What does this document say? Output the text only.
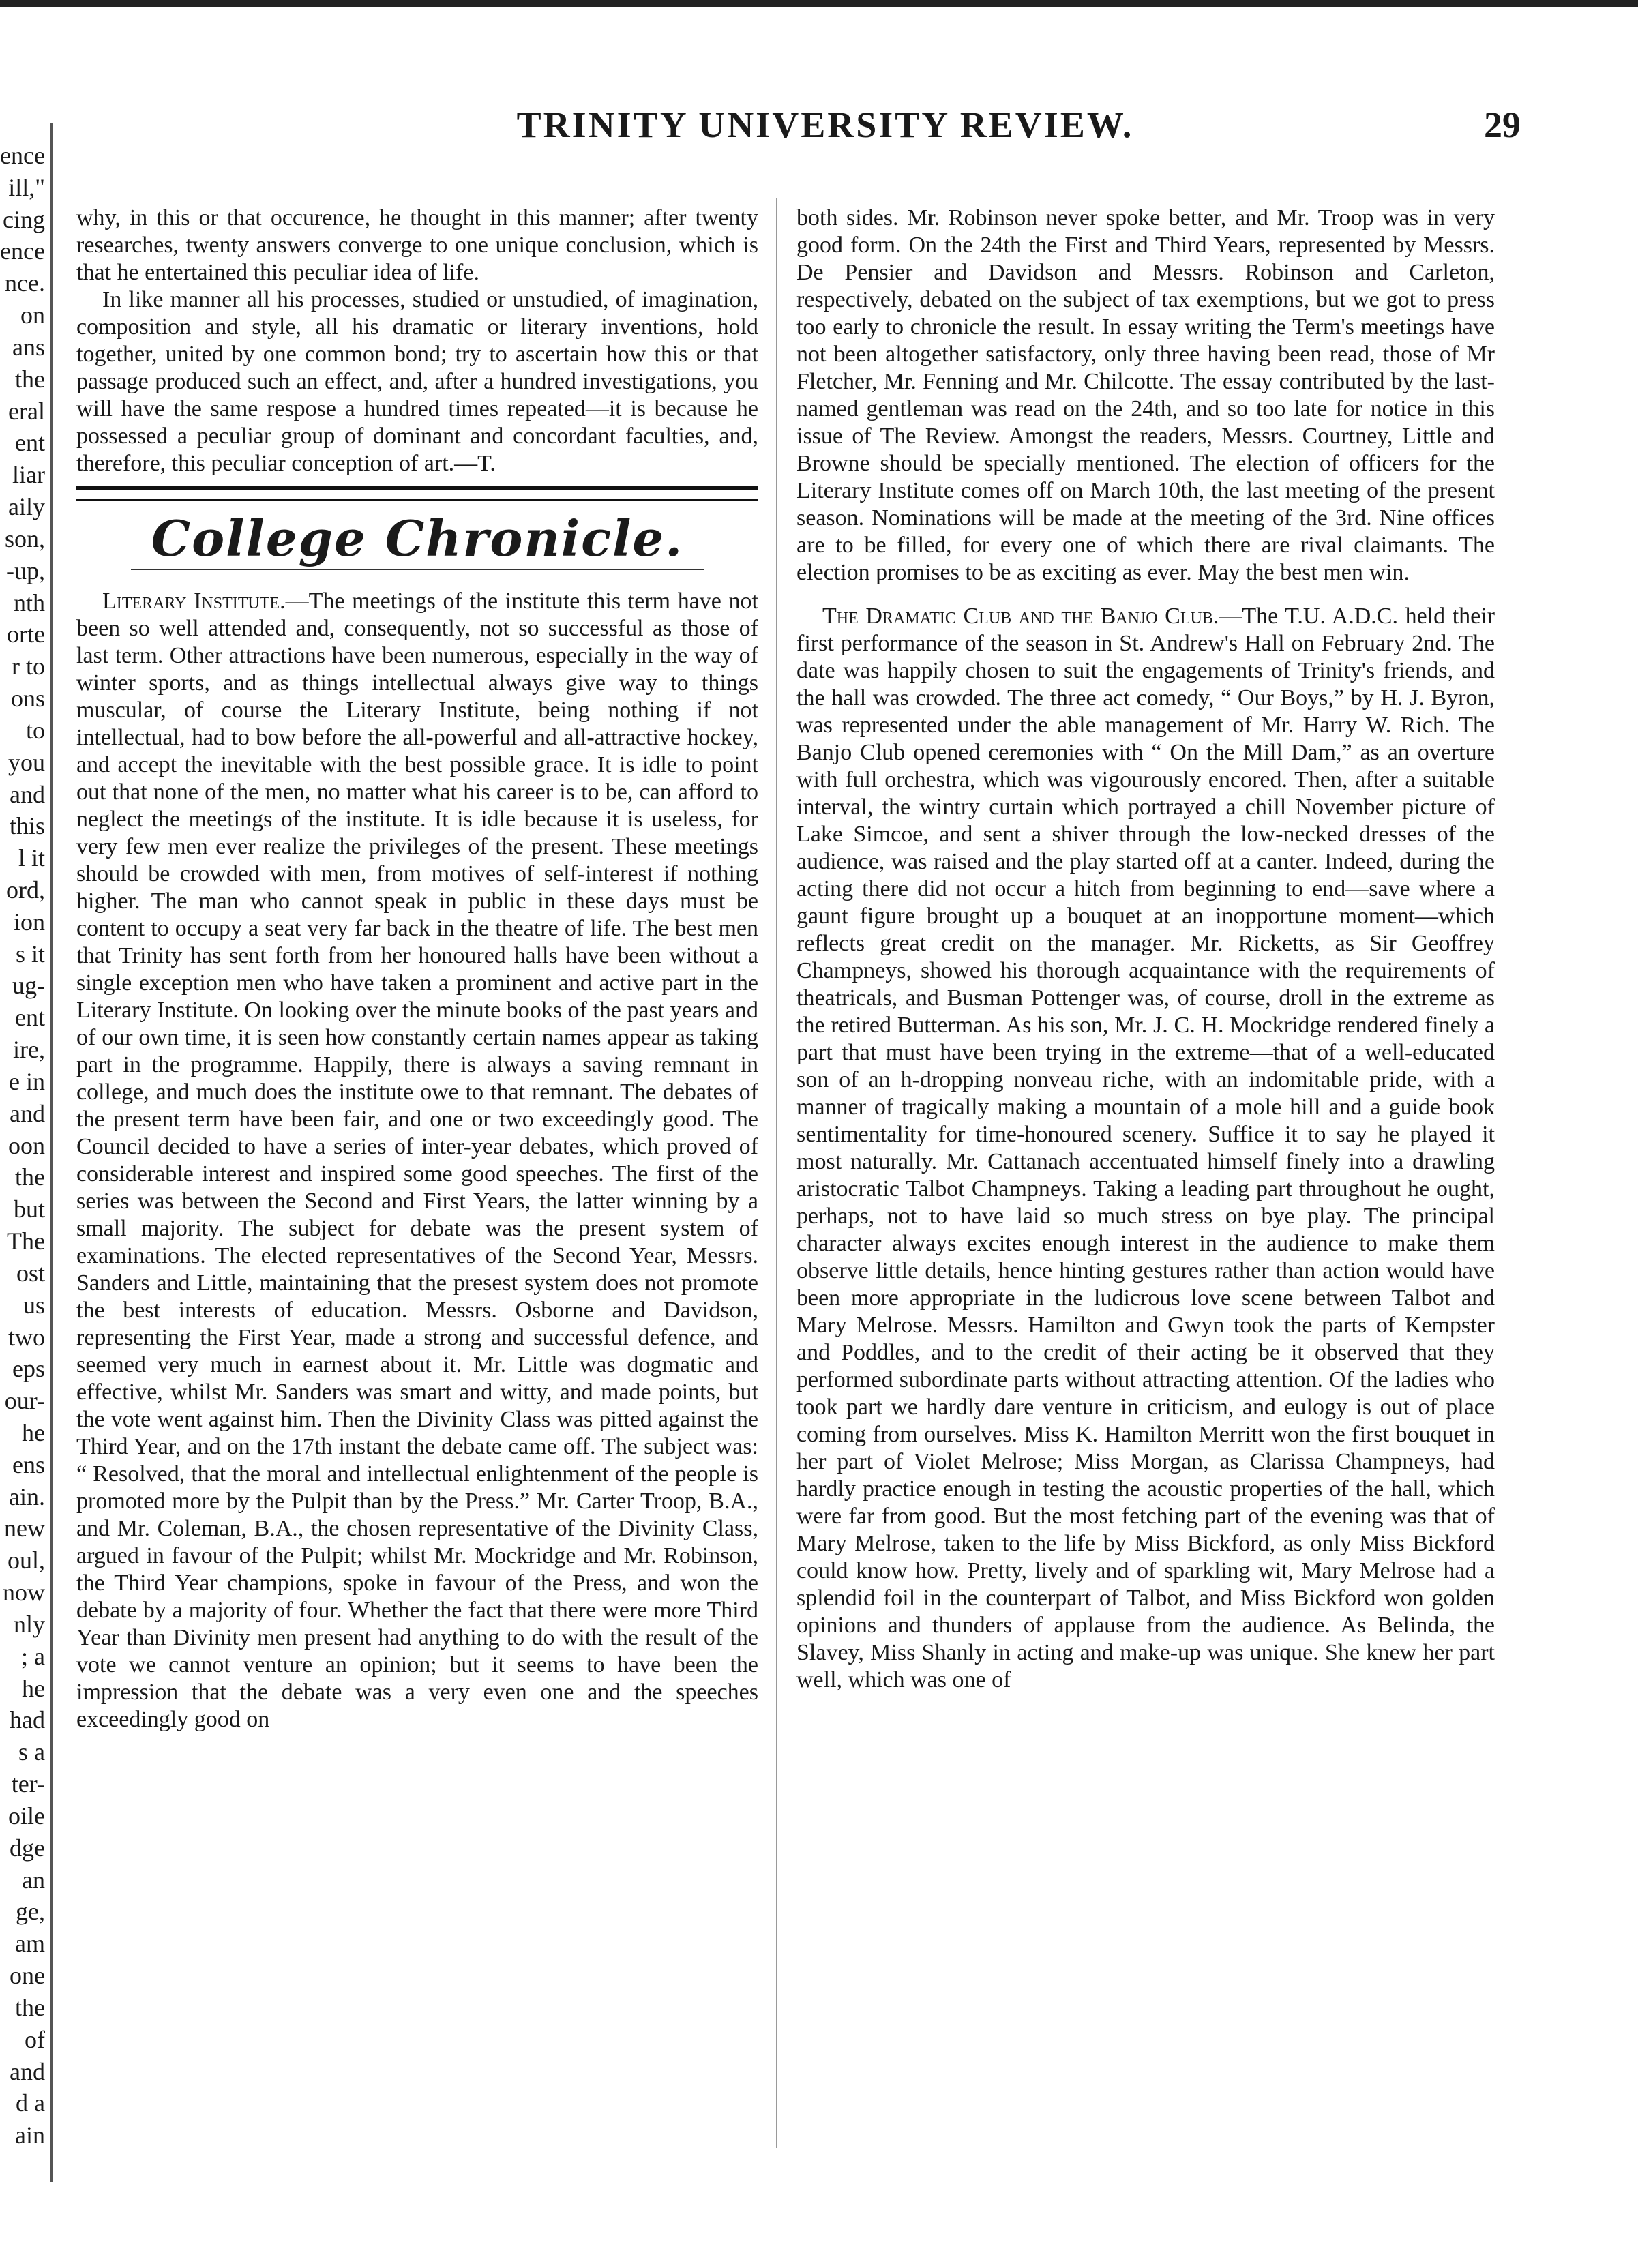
ence
ill,"
cing
ence
nce.
on
ans
the
eral
ent
liar
aily
son,
-up,
nth
orte
r to
ons
to
you
and
this
l it
ord,
ion
s it
ug-
ent
ire,
e in
and
oon
the
but
The
ost
us
two
eps
our-
he
ens
ain.
new
oul,
now
nly
; a
he
had
s a
ter-
oile
dge
an
ge,
am
one
the
of
and
d a
ain
TRINITY UNIVERSITY REVIEW.	29

why, in this or that occurence, he thought in this manner; after twenty researches, twenty answers converge to one unique conclusion, which is that he entertained this peculiar idea of life.

In like manner all his processes, studied or unstudied, of imagination, composition and style, all his dramatic or literary inventions, hold together, united by one common bond; try to ascertain how this or that passage produced such an effect, and, after a hundred investigations, you will have the same respose a hundred times repeated—it is because he possessed a peculiar group of dominant and concordant faculties, and, therefore, this peculiar conception of art.—T.

College Chronicle.

Literary Institute.—The meetings of the institute this term have not been so well attended and, consequently, not so successful as those of last term. Other attractions have been numerous, especially in the way of winter sports, and as things intellectual always give way to things muscular, of course the Literary Institute, being nothing if not intellectual, had to bow before the all-powerful and all-attractive hockey, and accept the inevitable with the best possible grace. It is idle to point out that none of the men, no matter what his career is to be, can afford to neglect the meetings of the institute. It is idle because it is useless, for very few men ever realize the privileges of the present. These meetings should be crowded with men, from motives of self-interest if nothing higher. The man who cannot speak in public in these days must be content to occupy a seat very far back in the theatre of life. The best men that Trinity has sent forth from her honoured halls have been without a single exception men who have taken a prominent and active part in the Literary Institute. On looking over the minute books of the past years and of our own time, it is seen how constantly certain names appear as taking part in the programme. Happily, there is always a saving remnant in college, and much does the institute owe to that remnant. The debates of the present term have been fair, and one or two exceedingly good. The Council decided to have a series of inter-year debates, which proved of considerable interest and inspired some good speeches. The first of the series was between the Second and First Years, the latter winning by a small majority. The subject for debate was the present system of examinations. The elected representatives of the Second Year, Messrs. Sanders and Little, maintaining that the presest system does not promote the best interests of education. Messrs. Osborne and Davidson, representing the First Year, made a strong and successful defence, and seemed very much in earnest about it. Mr. Little was dogmatic and effective, whilst Mr. Sanders was smart and witty, and made points, but the vote went against him. Then the Divinity Class was pitted against the Third Year, and on the 17th instant the debate came off. The subject was: “ Resolved, that the moral and intellectual enlightenment of the people is promoted more by the Pulpit than by the Press.” Mr. Carter Troop, B.A., and Mr. Coleman, B.A., the chosen representative of the Divinity Class, argued in favour of the Pulpit; whilst Mr. Mockridge and Mr. Robinson, the Third Year champions, spoke in favour of the Press, and won the debate by a majority of four. Whether the fact that there were more Third Year than Divinity men present had anything to do with the result of the vote we cannot venture an opinion; but it seems to have been the impression that the debate was a very even one and the speeches exceedingly good on

both sides. Mr. Robinson never spoke better, and Mr. Troop was in very good form. On the 24th the First and Third Years, represented by Messrs. De Pensier and Davidson and Messrs. Robinson and Carleton, respectively, debated on the subject of tax exemptions, but we got to press too early to chronicle the result. In essay writing the Term's meetings have not been altogether satisfactory, only three having been read, those of Mr Fletcher, Mr. Fenning and Mr. Chilcotte. The essay contributed by the last-named gentleman was read on the 24th, and so too late for notice in this issue of The Review. Amongst the readers, Messrs. Courtney, Little and Browne should be specially mentioned. The election of officers for the Literary Institute comes off on March 10th, the last meeting of the present season. Nominations will be made at the meeting of the 3rd. Nine offices are to be filled, for every one of which there are rival claimants. The election promises to be as exciting as ever. May the best men win.

The Dramatic Club and the Banjo Club.—The T.U. A.D.C. held their first performance of the season in St. Andrew's Hall on February 2nd. The date was happily chosen to suit the engagements of Trinity's friends, and the hall was crowded. The three act comedy, “ Our Boys,” by H. J. Byron, was represented under the able management of Mr. Harry W. Rich. The Banjo Club opened ceremonies with “ On the Mill Dam,” as an overture with full orchestra, which was vigourously encored. Then, after a suitable interval, the wintry curtain which portrayed a chill November picture of Lake Simcoe, and sent a shiver through the low-necked dresses of the audience, was raised and the play started off at a canter. Indeed, during the acting there did not occur a hitch from beginning to end—save where a gaunt figure brought up a bouquet at an inopportune moment—which reflects great credit on the manager. Mr. Ricketts, as Sir Geoffrey Champneys, showed his thorough acquaintance with the requirements of theatricals, and Busman Pottenger was, of course, droll in the extreme as the retired Butterman. As his son, Mr. J. C. H. Mockridge rendered finely a part that must have been trying in the extreme—that of a well-educated son of an h-dropping nonveau riche, with an indomitable pride, with a manner of tragically making a mountain of a mole hill and a guide book sentimentality for time-honoured scenery. Suffice it to say he played it most naturally. Mr. Cattanach accentuated himself finely into a drawling aristocratic Talbot Champneys. Taking a leading part throughout he ought, perhaps, not to have laid so much stress on bye play. The principal character always excites enough interest in the audience to make them observe little details, hence hinting gestures rather than action would have been more appropriate in the ludicrous love scene between Talbot and Mary Melrose. Messrs. Hamilton and Gwyn took the parts of Kempster and Poddles, and to the credit of their acting be it observed that they performed subordinate parts without attracting attention. Of the ladies who took part we hardly dare venture in criticism, and eulogy is out of place coming from ourselves. Miss K. Hamilton Merritt won the first bouquet in her part of Violet Melrose; Miss Morgan, as Clarissa Champneys, had hardly practice enough in testing the acoustic properties of the hall, which were far from good. But the most fetching part of the evening was that of Mary Melrose, taken to the life by Miss Bickford, as only Miss Bickford could know how. Pretty, lively and of sparkling wit, Mary Melrose had a splendid foil in the counterpart of Talbot, and Miss Bickford won golden opinions and thunders of applause from the audience. As Belinda, the Slavey, Miss Shanly in acting and make-up was unique. She knew her part well, which was one of
